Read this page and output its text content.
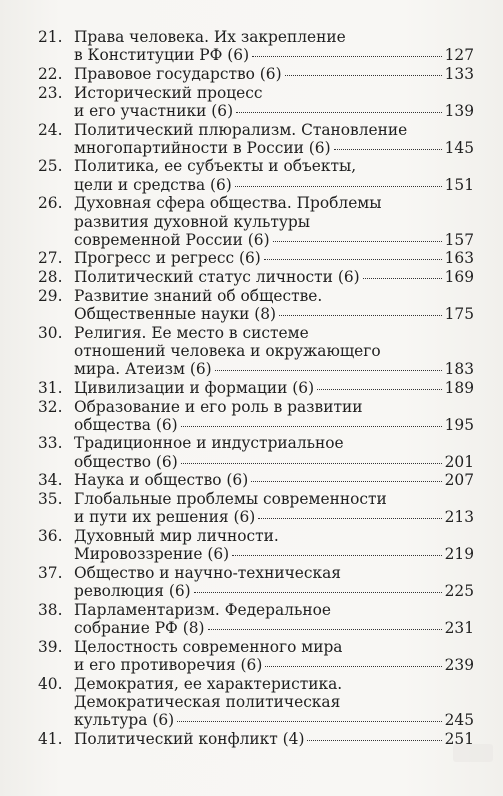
21. Права человека. Их закрепление
в Конституции РФ (6)	127
22. Правовое государство (6)	133
23. Исторический процесс
и его участники (6)	139
24. Политический плюрализм. Становление
многопартийности в России (6)	145
25. Политика, ее субъекты и объекты,
цели и средства (6)	151
26. Духовная сфера общества. Проблемы
развития духовной культуры
современной России (6)	157
27. Прогресс и регресс (6)	163
28. Политический статус личности (6)	169
29. Развитие знаний об обществе.
Общественные науки (8)	175
30. Религия. Ее место в системе
отношений человека и окружающего
мира. Атеизм (6)	183
31. Цивилизации и формации (6)	189
32. Образование и его роль в развитии
общества (6)	195
33. Традиционное и индустриальное
общество (6)	201
34. Наука и общество (6)	207
35. Глобальные проблемы современности
и пути их решения (6)	213
36. Духовный мир личности.
Мировоззрение (6)	219
37. Общество и научно-техническая
революция (6)	225
38. Парламентаризм. Федеральное
собрание РФ (8)	231
39. Целостность современного мира
и его противоречия (6)	239
40. Демократия, ее характеристика.
Демократическая политическая
культура (6)	245
41. Политический конфликт (4)	251
